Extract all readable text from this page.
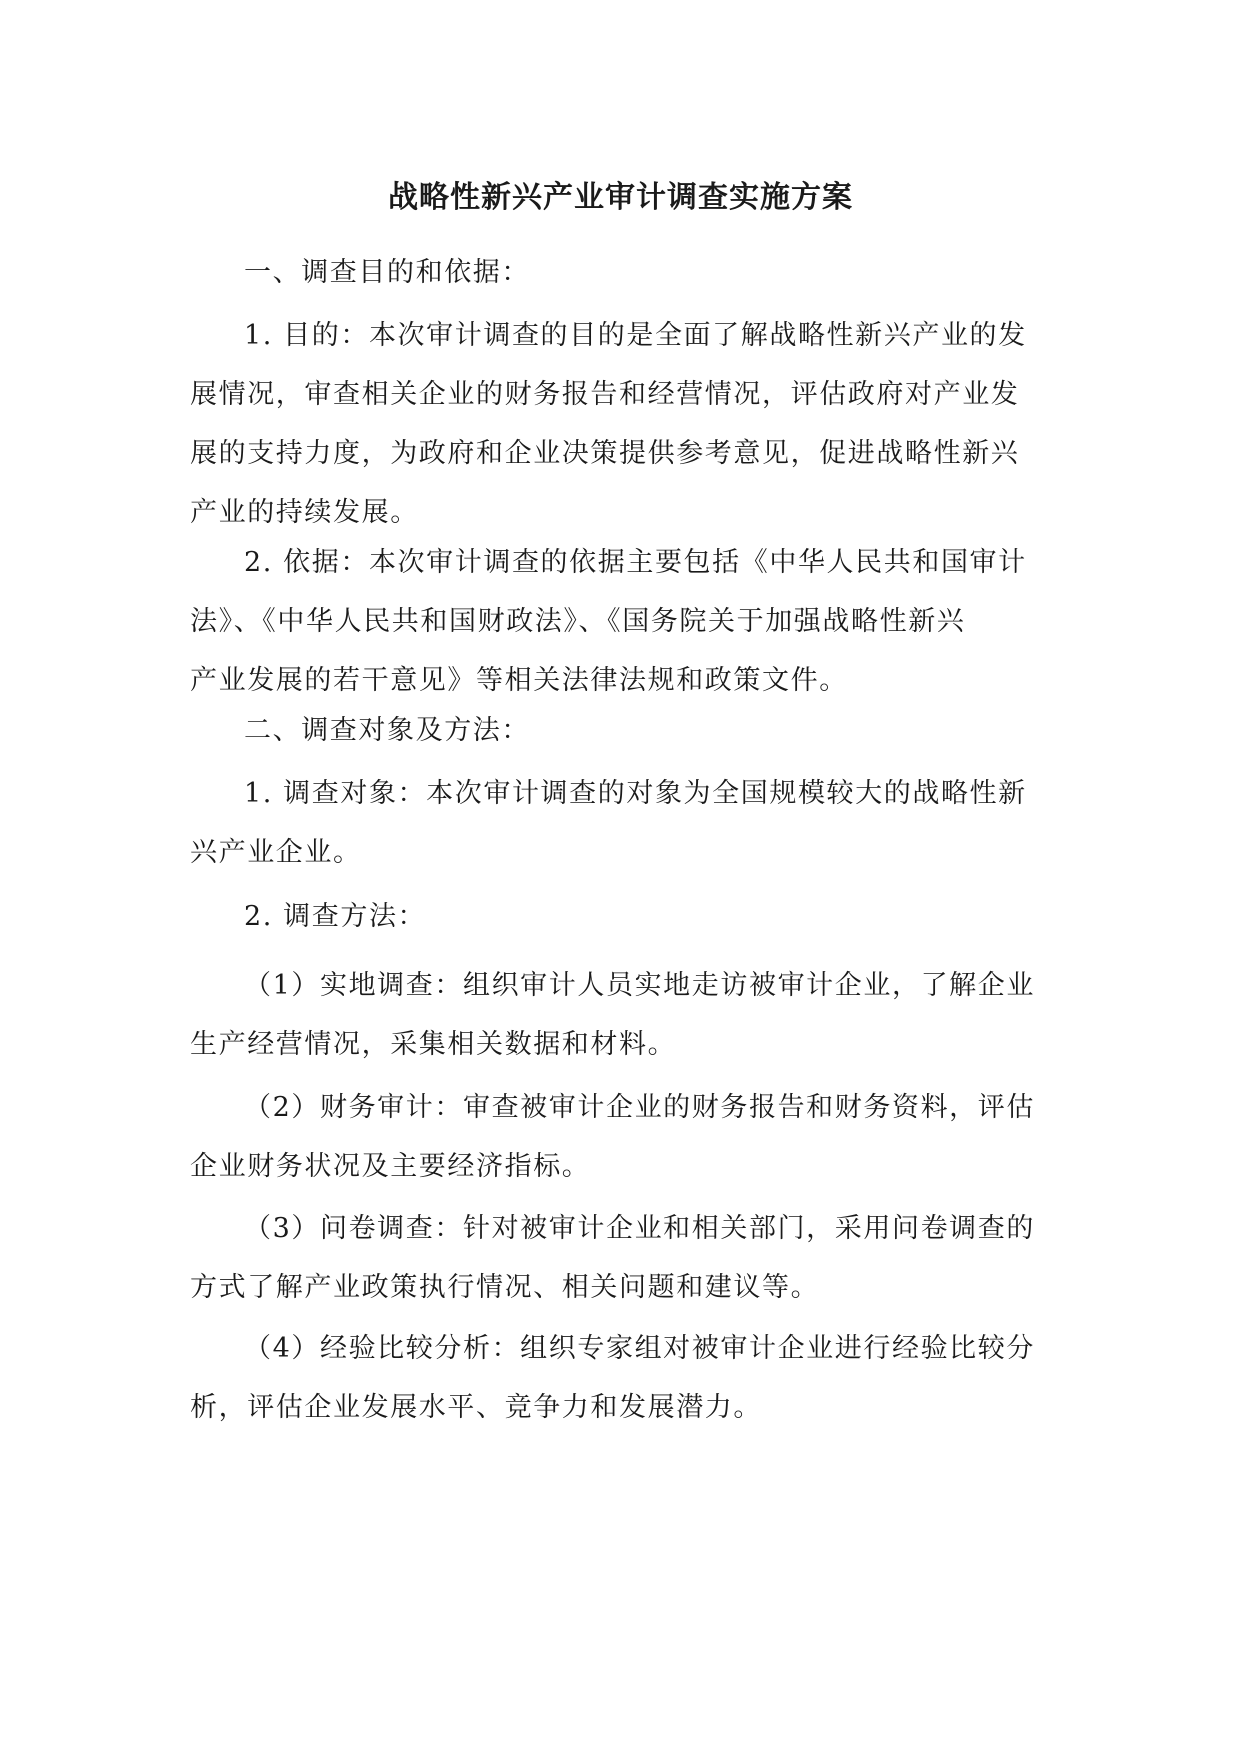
战略性新兴产业审计调查实施方案
一、调查目的和依据：
1. 目的：本次审计调查的目的是全面了解战略性新兴产业的发
展情况，审查相关企业的财务报告和经营情况，评估政府对产业发
展的支持力度，为政府和企业决策提供参考意见，促进战略性新兴
产业的持续发展。
2. 依据：本次审计调查的依据主要包括《中华人民共和国审计
法》、《中华人民共和国财政法》、《国务院关于加强战略性新兴
产业发展的若干意见》等相关法律法规和政策文件。
二、调查对象及方法：
1. 调查对象：本次审计调查的对象为全国规模较大的战略性新
兴产业企业。
2. 调查方法：
（1）实地调查：组织审计人员实地走访被审计企业，了解企业
生产经营情况，采集相关数据和材料。
（2）财务审计：审查被审计企业的财务报告和财务资料，评估
企业财务状况及主要经济指标。
（3）问卷调查：针对被审计企业和相关部门，采用问卷调查的
方式了解产业政策执行情况、相关问题和建议等。
（4）经验比较分析：组织专家组对被审计企业进行经验比较分
析，评估企业发展水平、竞争力和发展潜力。
